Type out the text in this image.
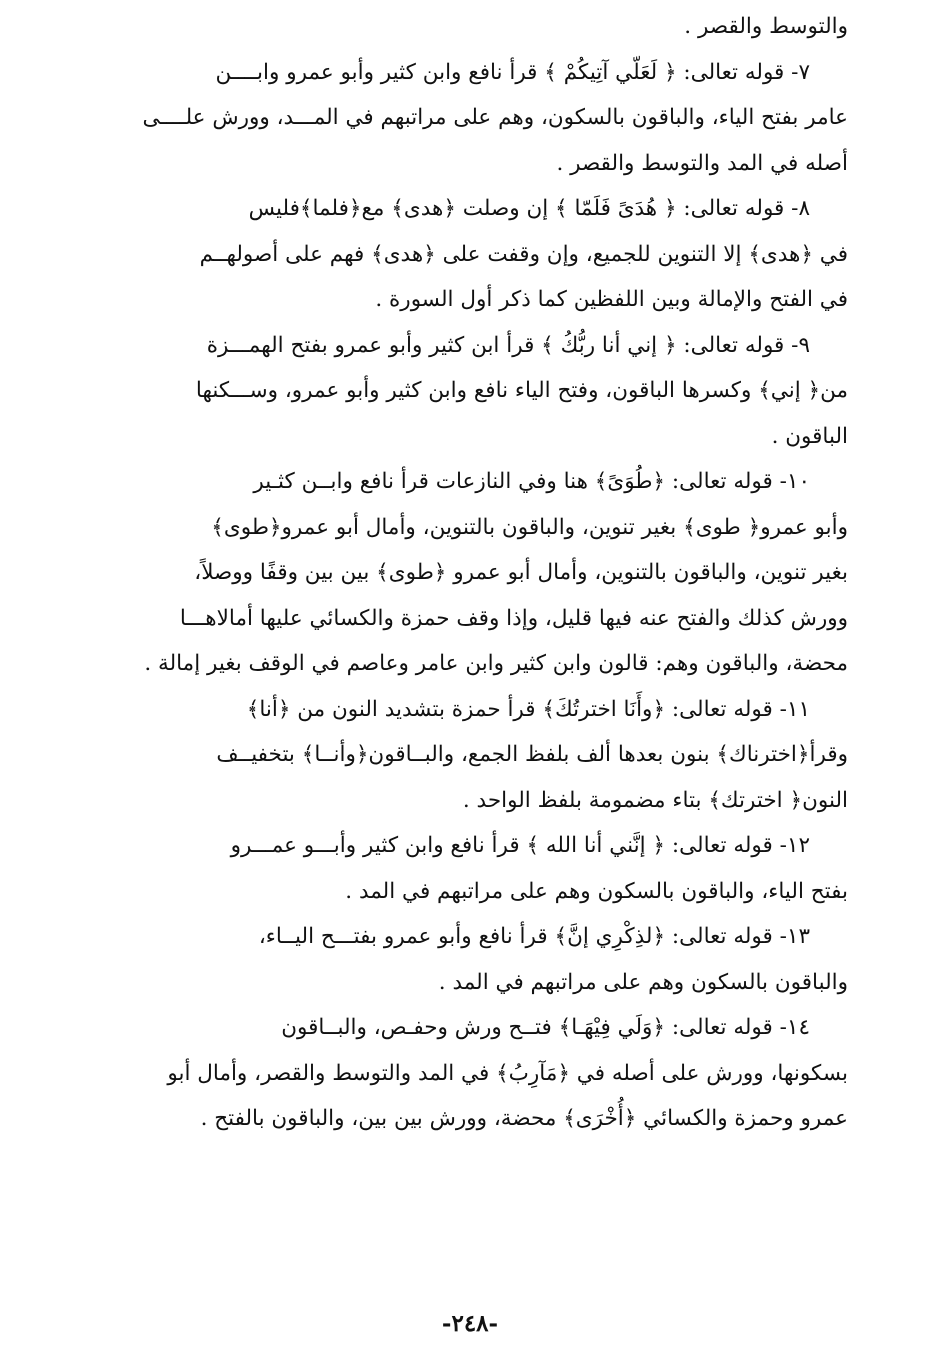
والتوسط والقصر .
٧- قوله تعالى: ﴿ لَعَلّي آتِيكُمْ ﴾ قرأ نافع وابن كثير وأبو عمرو وابــــن
عامر بفتح الياء، والباقون بالسكون، وهم على مراتبهم في المـــد، وورش علــــى
أصله في المد والتوسط والقصر .
٨- قوله تعالى: ﴿ هُدَىً فَلَمّا ﴾ إن وصلت ﴿هدى﴾ مع﴿فلما﴾فليس
في ﴿هدى﴾ إلا التنوين للجميع، وإن وقفت على ﴿هدى﴾ فهم على أصولهــم
في الفتح والإمالة وبين اللفظين كما ذكر أول السورة .
٩- قوله تعالى: ﴿ إني أنا ربُّكُ ﴾ قرأ ابن كثير وأبو عمرو بفتح الهمـــزة
من﴿ إني﴾ وكسرها الباقون، وفتح الياء نافع وابن كثير وأبو عمرو، وســـكنها
الباقون .
١٠- قوله تعالى: ﴿طُوَىً﴾ هنا وفي النازعات قرأ نافع وابــن كثـير
وأبو عمرو﴿ طوى﴾ بغير تنوين، والباقون بالتنوين، وأمال أبو عمرو﴿طوى﴾
بغير تنوين، والباقون بالتنوين، وأمال أبو عمرو ﴿طوى﴾ بين بين وقفًا ووصلاً،
وورش كذلك والفتح عنه فيها قليل، وإذا وقف حمزة والكسائي عليها أمالاهـــا
محضة، والباقون وهم: قالون وابن كثير وابن عامر وعاصم في الوقف بغير إمالة .
١١- قوله تعالى: ﴿وأَنَا اخترتُكَ﴾ قرأ حمزة بتشديد النون من ﴿أنا﴾
وقرأ﴿اخترناك﴾ بنون بعدها ألف بلفظ الجمع، والبــاقون﴿وأنــا﴾ بتخفيــف
النون﴿ اخترتك﴾ بتاء مضمومة بلفظ الواحد .
١٢- قوله تعالى: ﴿ إنَّني أنا الله ﴾ قرأ نافع وابن كثير وأبـــو عمـــرو
بفتح الياء، والباقون بالسكون وهم على مراتبهم في المد .
١٣- قوله تعالى: ﴿لذِكْرِي إنَّ﴾ قرأ نافع وأبو عمرو بفتـــح اليــاء،
والباقون بالسكون وهم على مراتبهم في المد .
١٤- قوله تعالى: ﴿وَلَي فِيْهَـا﴾ فتــح ورش وحفـص، والبــاقون
بسكونها، وورش على أصله في ﴿مَآرِبُ﴾ في المد والتوسط والقصر، وأمال أبو
عمرو وحمزة والكسائي ﴿أُخْرَى﴾ محضة، وورش بين بين، والباقون بالفتح .
-٢٤٨-
